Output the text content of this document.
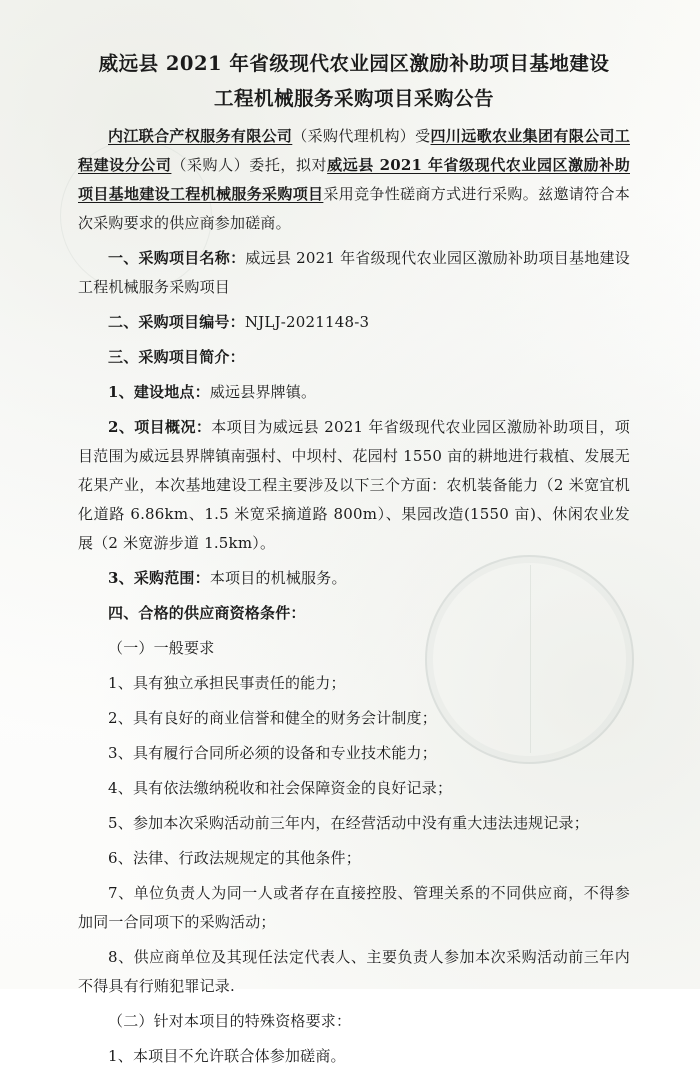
威远县 2021 年省级现代农业园区激励补助项目基地建设
工程机械服务采购项目采购公告

内江联合产权服务有限公司（采购代理机构）受四川远歌农业集团有限公司工程建设分公司（采购人）委托，拟对威远县 2021 年省级现代农业园区激励补助项目基地建设工程机械服务采购项目采用竞争性磋商方式进行采购。兹邀请符合本次采购要求的供应商参加磋商。

一、采购项目名称：威远县 2021 年省级现代农业园区激励补助项目基地建设工程机械服务采购项目

二、采购项目编号：NJLJ-2021148-3

三、采购项目简介：

1、建设地点：威远县界牌镇。

2、项目概况：本项目为威远县 2021 年省级现代农业园区激励补助项目，项目范围为威远县界牌镇南强村、中坝村、花园村 1550 亩的耕地进行栽植、发展无花果产业，本次基地建设工程主要涉及以下三个方面：农机装备能力（2 米宽宜机化道路 6.86km、1.5 米宽采摘道路 800m）、果园改造(1550 亩)、休闲农业发展（2 米宽游步道 1.5km）。

3、采购范围：本项目的机械服务。

四、合格的供应商资格条件：

（一）一般要求

1、具有独立承担民事责任的能力；

2、具有良好的商业信誉和健全的财务会计制度；

3、具有履行合同所必须的设备和专业技术能力；

4、具有依法缴纳税收和社会保障资金的良好记录；

5、参加本次采购活动前三年内，在经营活动中没有重大违法违规记录；

6、法律、行政法规规定的其他条件；

7、单位负责人为同一人或者存在直接控股、管理关系的不同供应商，不得参加同一合同项下的采购活动；

8、供应商单位及其现任法定代表人、主要负责人参加本次采购活动前三年内不得具有行贿犯罪记录.

（二）针对本项目的特殊资格要求：

1、本项目不允许联合体参加磋商。
